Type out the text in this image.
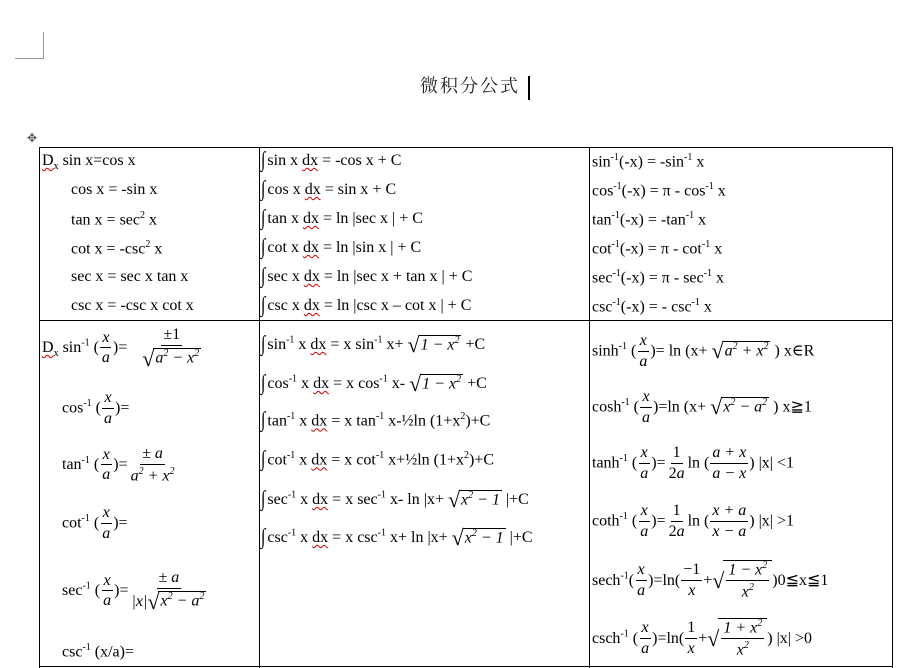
微积分公式
✥
$D_x$ sin x=cos x
cos x = -sin x
$\tan x = \sec^2 x$
$\cot x = -\csc^2$ x
sec x = sec x tan x
csc x = -csc x cot x
∫ sin x dx = -cos x + C
∫ cos x dx = sin x + C
∫ tan x dx = ln |sec x | + C
∫ cot x dx = ln |sin x | + C
∫ sec x dx = ln |sec x + tan x | + C
∫ csc x dx = ln |csc x – cot x | + C
$\sin^{-1}(-x) = -\sin^{-1}$ x
$\cos^{-1}(-x) = \pi - \cos^{-1} x$
$\tan^{-1}(-x) = -\tan^{-1}$ x
$\cot^{-1}(-x) = \pi - \cot^{-1} x$
$\sec^{-1}(-x) = \pi - \sec^{-1} x$
$\csc^{-1}(-x)$ = - $\csc^{-1} x$
$D_x$ $\sin^{-1}$ ( $\frac{x}{a}$ )= $\frac{\pm 1}{√a^2 - x^2}$
$\cos^{-1}$ ( $\frac{x}{a}$ )=
$\tan^{-1}$ ( $\frac{x}{a}$ )= $\frac{\pm a}{a^2 + x^2}$
$\cot^{-1}$ ( $\frac{x}{a}$ )=
$\sec^{-1}$ ( $\frac{x}{a}$ )= $\frac{\pm a}{|x|√x^2 - a^2}$
$\csc^{-1} (x/a)=$
∫ $\sin^{-1} x$ dx = x $\sin^{-1} x+ √1 - x^2 +C$
∫ $\cos^{-1} x$ dx = x $\cos^{-1} x-$ $√1 - x^2 +C$
∫ $\tan^{-1} x$ dx = x $\tan^{-1}$ x-½ln $(1+x^2)+C$
∫ $\cot^{-1} x$ dx = x $\cot^{-1}$ x+½ln $(1+x^2)+C$
∫ $\sec^{-1} x$ dx = x $\sec^{-1} x-$ $\ln |x+ √x^2 - 1$ |+C
∫ $\csc^{-1} x$ dx = x $\csc^{-1} x+ \ln |x+ √x^2 - 1$ |+C
$\sinh^{-1}$ ( $\frac{x}{a}$ )= $\ln (x+ √a^2 + x^2$ ) x∈R
$\cosh^{-1}$ ( $\frac{x}{a} )=\ln$ ($x+ √x^2 - a^2$ ) x≧1
$\tanh^{-1}$ ( $\frac{x}{a}$ )= $\frac{1}{2a}$ ln ( $\frac{a + x}{a - x}$ ) |x| <1
coth$^{-1}$ ( $\frac{x}{a}$ )= $\frac{1}{2a}$ ln ( $\frac{x + a}{x - a}$ ) |x| >1
$\sec h^{-1}( \frac{x}{a} )=\ln( \frac{-1}{x}$ +√ $\frac{1 - x^2}{x^2}$ )0≦x≦1
csch$^{-1}$ ( $\frac{x}{a} )=\ln( \frac{1}{x}$ +√ $\frac{1 + x^2}{x^2}$ ) |x| >0
